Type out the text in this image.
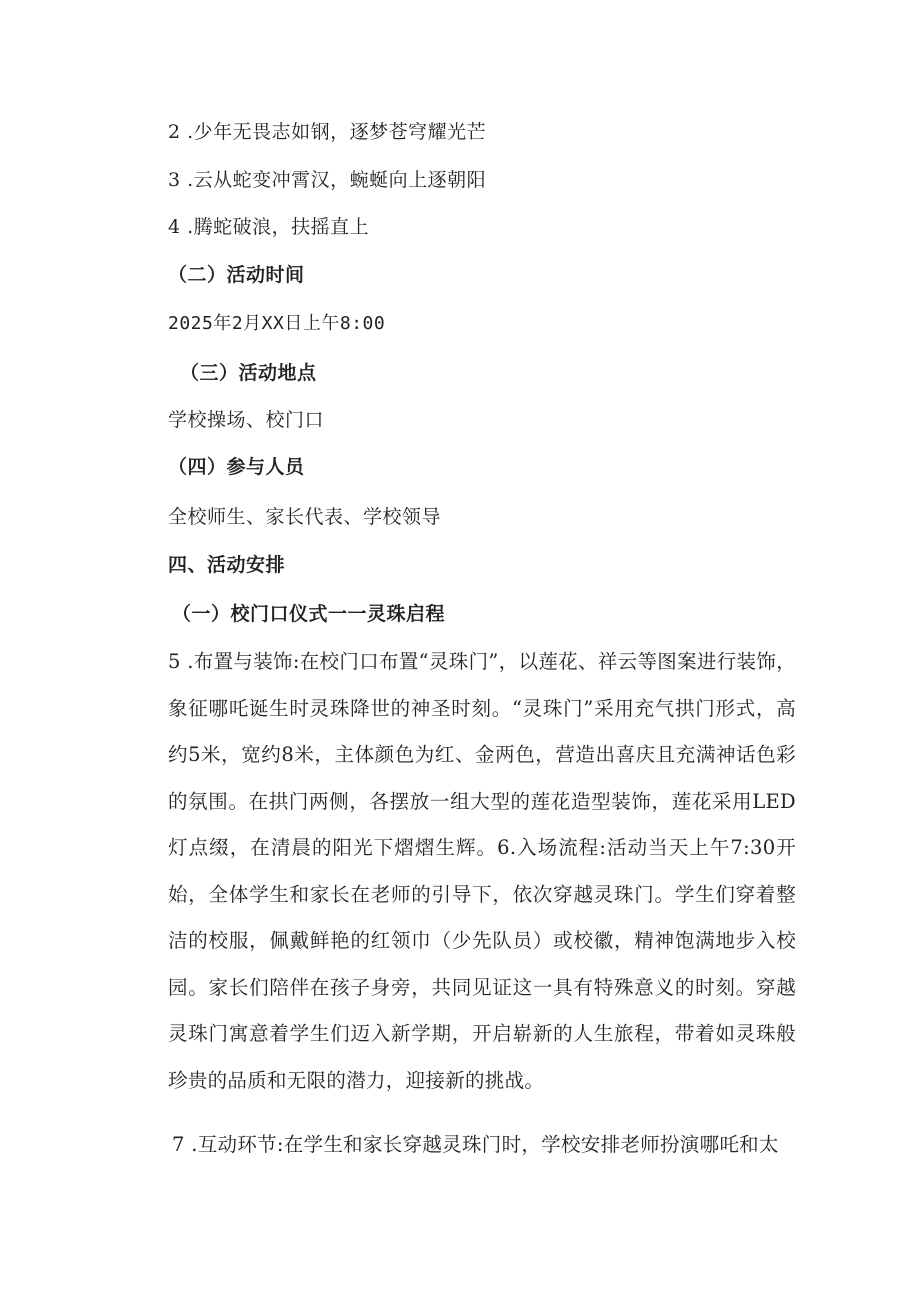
2 .少年无畏志如钢，逐梦苍穹耀光芒
3 .云从蛇变冲霄汉，蜿蜒向上逐朝阳
4 .腾蛇破浪，扶摇直上
（二）活动时间
2025年2月XX日上午8:00
（三）活动地点
学校操场、校门口
（四）参与人员
全校师生、家长代表、学校领导
四、活动安排
（一）校门口仪式一一灵珠启程
5 .布置与装饰:在校门口布置“灵珠门”，以莲花、祥云等图案进行装饰，象征哪吒诞生时灵珠降世的神圣时刻。“灵珠门”采用充气拱门形式，高约5米，宽约8米，主体颜色为红、金两色，营造出喜庆且充满神话色彩的氛围。在拱门两侧，各摆放一组大型的莲花造型装饰，莲花采用LED灯点缀，在清晨的阳光下熠熠生辉。6.入场流程:活动当天上午7:30开始，全体学生和家长在老师的引导下，依次穿越灵珠门。学生们穿着整洁的校服，佩戴鲜艳的红领巾（少先队员）或校徽，精神饱满地步入校园。家长们陪伴在孩子身旁，共同见证这一具有特殊意义的时刻。穿越灵珠门寓意着学生们迈入新学期，开启崭新的人生旅程，带着如灵珠般珍贵的品质和无限的潜力，迎接新的挑战。
7 .互动环节:在学生和家长穿越灵珠门时，学校安排老师扮演哪吒和太
